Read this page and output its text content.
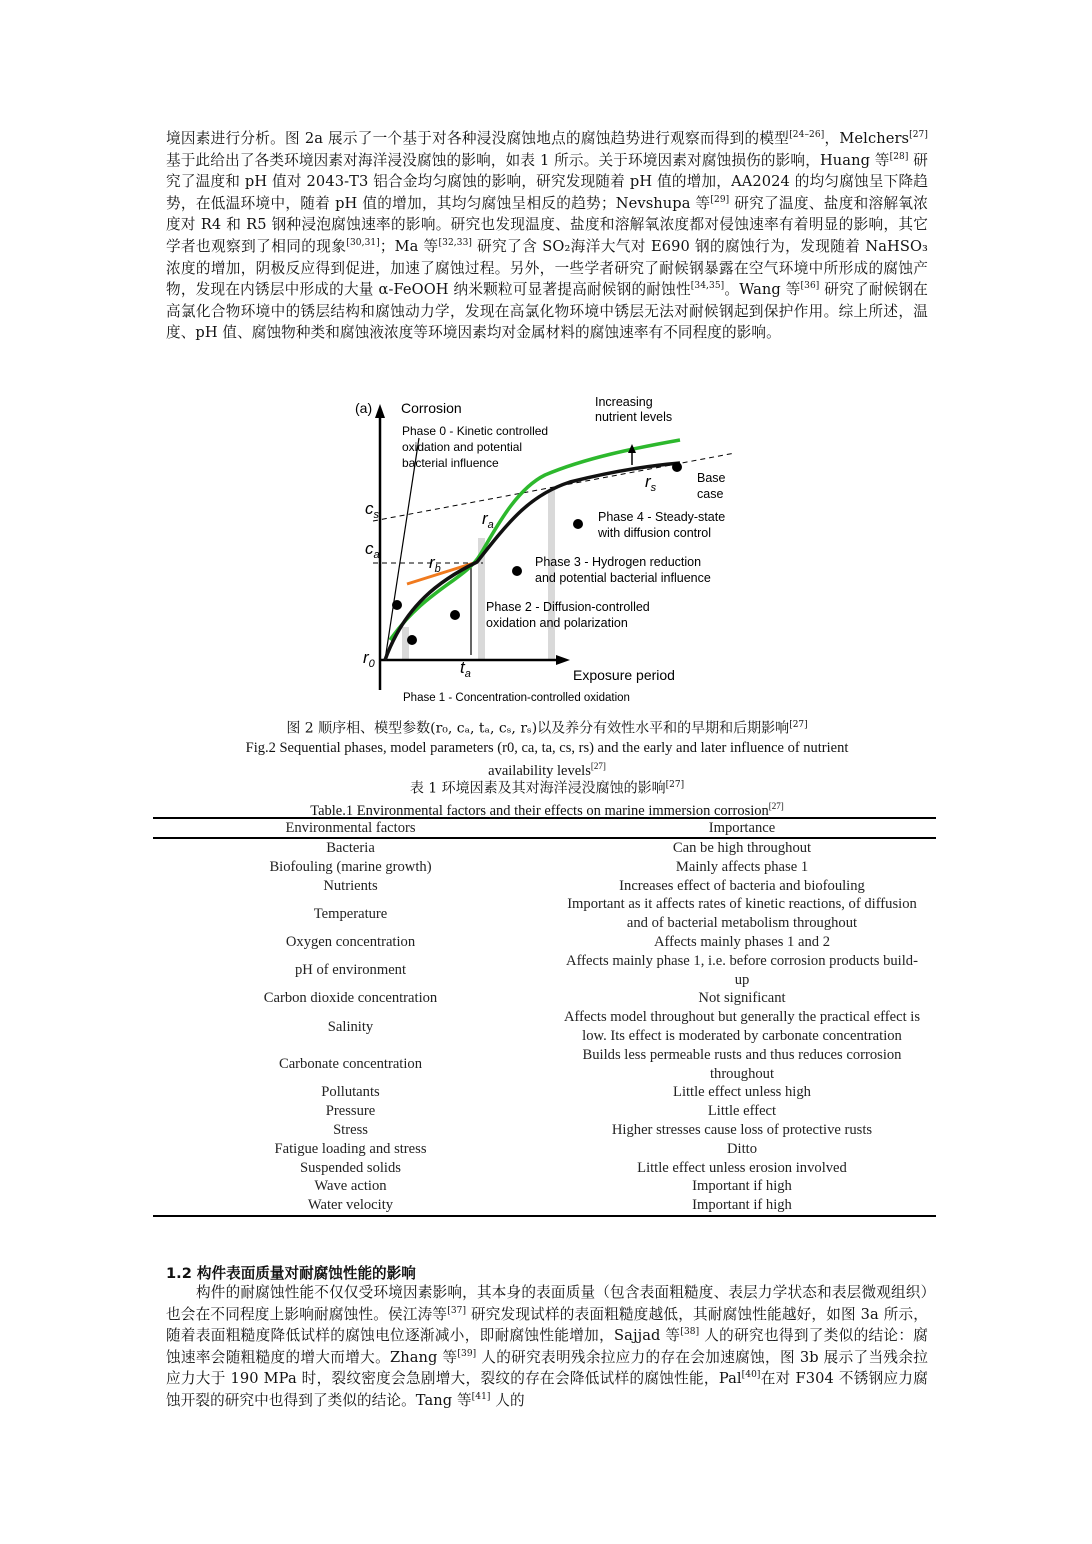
境因素进行分析。图 2a 展示了一个基于对各种浸没腐蚀地点的腐蚀趋势进行观察而得到的模型[24–26]，Melchers[27]基于此给出了各类环境因素对海洋浸没腐蚀的影响，如表 1 所示。关于环境因素对腐蚀损伤的影响，Huang 等[28] 研究了温度和 pH 值对 2043-T3 铝合金均匀腐蚀的影响，研究发现随着 pH 值的增加，AA2024 的均匀腐蚀呈下降趋势，在低温环境中，随着 pH 值的增加，其均匀腐蚀呈相反的趋势；Nevshupa 等[29] 研究了温度、盐度和溶解氧浓度对 R4 和 R5 钢种浸泡腐蚀速率的影响。研究也发现温度、盐度和溶解氧浓度都对侵蚀速率有着明显的影响，其它学者也观察到了相同的现象[30,31]；Ma 等[32,33] 研究了含 SO₂海洋大气对 E690 钢的腐蚀行为，发现随着 NaHSO₃浓度的增加，阴极反应得到促进，加速了腐蚀过程。另外，一些学者研究了耐候钢暴露在空气环境中所形成的腐蚀产物，发现在内锈层中形成的大量 α-FeOOH 纳米颗粒可显著提高耐候钢的耐蚀性[34,35]。Wang 等[36] 研究了耐候钢在高氯化合物环境中的锈层结构和腐蚀动力学，发现在高氯化物环境中锈层无法对耐候钢起到保护作用。综上所述，温度、pH 值、腐蚀物种类和腐蚀液浓度等环境因素均对金属材料的腐蚀速率有不同程度的影响。

(a) Corrosion
Phase 0 - Kinetic controlled
oxidation and potential
bacterial influence
Increasing
nutrient levels
Base
case
Phase 4 - Steady-state
with diffusion control
Phase 3 - Hydrogen reduction
and potential bacterial influence
Phase 2 - Diffusion-controlled
oxidation and polarization
Exposure period
Phase 1 - Concentration-controlled oxidation
$c_s$
$c_a$
$r_0$	$t_a$
$r_a$
$r_b$
$r_s$

图 2 顺序相、模型参数(r₀, cₐ, tₐ, cₛ, rₛ)以及养分有效性水平和的早期和后期影响[27]

Fig.2 Sequential phases, model parameters (r0, ca, ta, cs, rs) and the early and later influence of nutrient
availability levels[27]

表 1 环境因素及其对海洋浸没腐蚀的影响[27]

Table.1 Environmental factors and their effects on marine immersion corrosion[27]

Environmental factors	Importance
Bacteria	Can be high throughout
Biofouling (marine growth)	Mainly affects phase 1
Nutrients	Increases effect of bacteria and biofouling
Temperature	Important as it affects rates of kinetic reactions, of diffusion and of bacterial metabolism throughout
Oxygen concentration	Affects mainly phases 1 and 2
pH of environment	Affects mainly phase 1, i.e. before corrosion products build-up
Carbon dioxide concentration	Not significant
Salinity	Affects model throughout but generally the practical effect is low. Its effect is moderated by carbonate concentration
Carbonate concentration	Builds less permeable rusts and thus reduces corrosion throughout
Pollutants	Little effect unless high
Pressure	Little effect
Stress	Higher stresses cause loss of protective rusts
Fatigue loading and stress	Ditto
Suspended solids	Little effect unless erosion involved
Wave action	Important if high
Water velocity	Important if high

1.2 构件表面质量对耐腐蚀性能的影响

构件的耐腐蚀性能不仅仅受环境因素影响，其本身的表面质量（包含表面粗糙度、表层力学状态和表层微观组织）也会在不同程度上影响耐腐蚀性。侯江涛等[37] 研究发现试样的表面粗糙度越低，其耐腐蚀性能越好，如图 3a 所示，随着表面粗糙度降低试样的腐蚀电位逐渐减小，即耐腐蚀性能增加，Sajjad 等[38] 人的研究也得到了类似的结论：腐蚀速率会随粗糙度的增大而增大。Zhang 等[39] 人的研究表明残余拉应力的存在会加速腐蚀，图 3b 展示了当残余拉应力大于 190 MPa 时，裂纹密度会急剧增大，裂纹的存在会降低试样的腐蚀性能，Pal[40]在对 F304 不锈钢应力腐蚀开裂的研究中也得到了类似的结论。Tang 等[41] 人的
